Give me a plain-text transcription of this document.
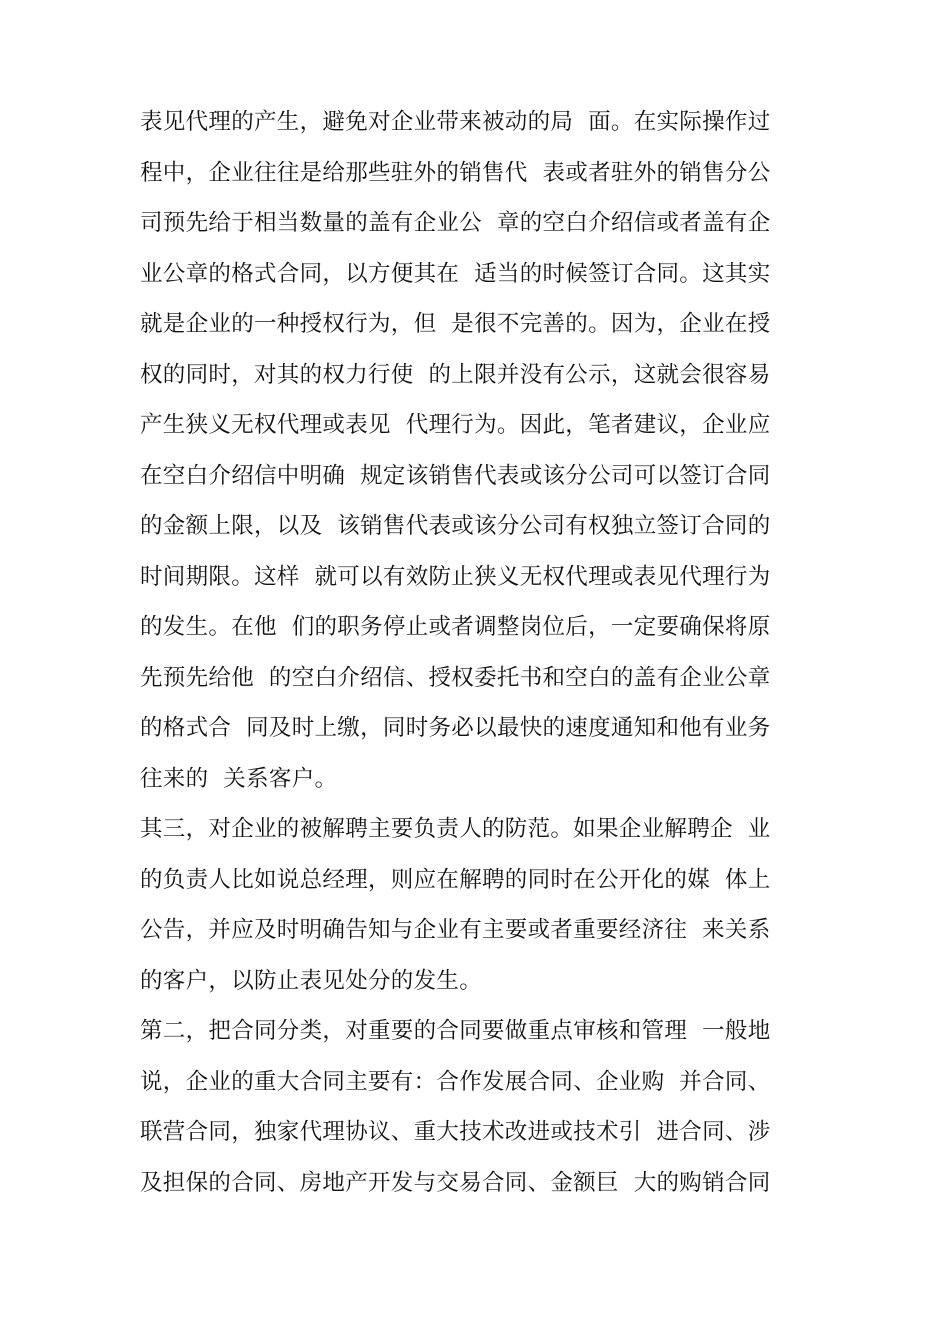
表见代理的产生，避免对企业带来被动的局  面。在实际操作过
程中，企业往往是给那些驻外的销售代  表或者驻外的销售分公
司预先给于相当数量的盖有企业公  章的空白介绍信或者盖有企
业公章的格式合同，以方便其在  适当的时候签订合同。这其实
就是企业的一种授权行为，但  是很不完善的。因为，企业在授
权的同时，对其的权力行使  的上限并没有公示，这就会很容易
产生狭义无权代理或表见  代理行为。因此，笔者建议，企业应
在空白介绍信中明确  规定该销售代表或该分公司可以签订合同
的金额上限，以及  该销售代表或该分公司有权独立签订合同的
时间期限。这样  就可以有效防止狭义无权代理或表见代理行为
的发生。在他  们的职务停止或者调整岗位后，一定要确保将原
先预先给他  的空白介绍信、授权委托书和空白的盖有企业公章
的格式合  同及时上缴，同时务必以最快的速度通知和他有业务
往来的  关系客户。
其三，对企业的被解聘主要负责人的防范。如果企业解聘企  业
的负责人比如说总经理，则应在解聘的同时在公开化的媒  体上
公告，并应及时明确告知与企业有主要或者重要经济往  来关系
的客户，以防止表见处分的发生。
第二，把合同分类，对重要的合同要做重点审核和管理  一般地
说，企业的重大合同主要有：合作发展合同、企业购  并合同、
联营合同，独家代理协议、重大技术改进或技术引  进合同、涉
及担保的合同、房地产开发与交易合同、金额巨  大的购销合同
